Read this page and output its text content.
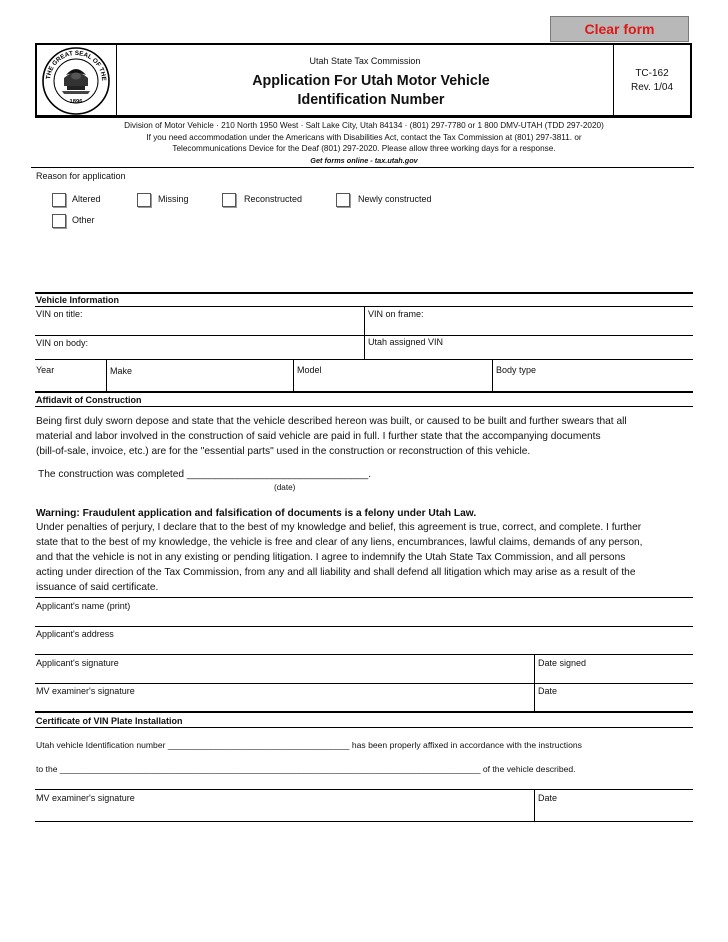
Clear form
THE GREAT SEAL OF THE
1896
Utah State Tax Commission
Application For Utah Motor Vehicle
Identification Number
TC-162
Rev. 1/04
Division of Motor Vehicle · 210 North 1950 West · Salt Lake City, Utah 84134 · (801) 297-7780 or 1 800 DMV-UTAH (TDD 297-2020)
If you need accommodation under the Americans with Disabilities Act, contact the Tax Commission at (801) 297-3811. or
Telecommunications Device for the Deaf (801) 297-2020. Please allow three working days for a response.
Get forms online - tax.utah.gov
Reason for application
Altered	Missing	Reconstructed	Newly constructed
Other
Vehicle Information
VIN on title:	VIN on frame:
VIN on body:	Utah assigned VIN
Year	Make	Model	Body type
Affidavit of Construction
Being first duly sworn depose and state that the vehicle described hereon was built, or caused to be built and further swears that all
material and labor involved in the construction of said vehicle are paid in full. I further state that the accompanying documents
(bill-of-sale, invoice, etc.) are for the "essential parts" used in the construction or reconstruction of this vehicle.
The construction was completed ________________________________.
(date)
Warning: Fraudulent application and falsification of documents is a felony under Utah Law.
Under penalties of perjury, I declare that to the best of my knowledge and belief, this agreement is true, correct, and complete. I further
state that to the best of my knowledge, the vehicle is free and clear of any liens, encumbrances, lawful claims, demands of any person,
and that the vehicle is not in any existing or pending litigation. I agree to indemnify the Utah State Tax Commission, and all persons
acting under direction of the Tax Commission, from any and all liability and shall defend all litigation which may arise as a result of the
issuance of said certificate.
Applicant's name (print)
Applicant's address
Applicant's signature	Date signed
MV examiner's signature	Date
Certificate of VIN Plate Installation
Utah vehicle Identification number ______________________________________ has been properly affixed in accordance with the instructions
to the ________________________________________________________________________________________ of the vehicle described.
MV examiner's signature	Date
